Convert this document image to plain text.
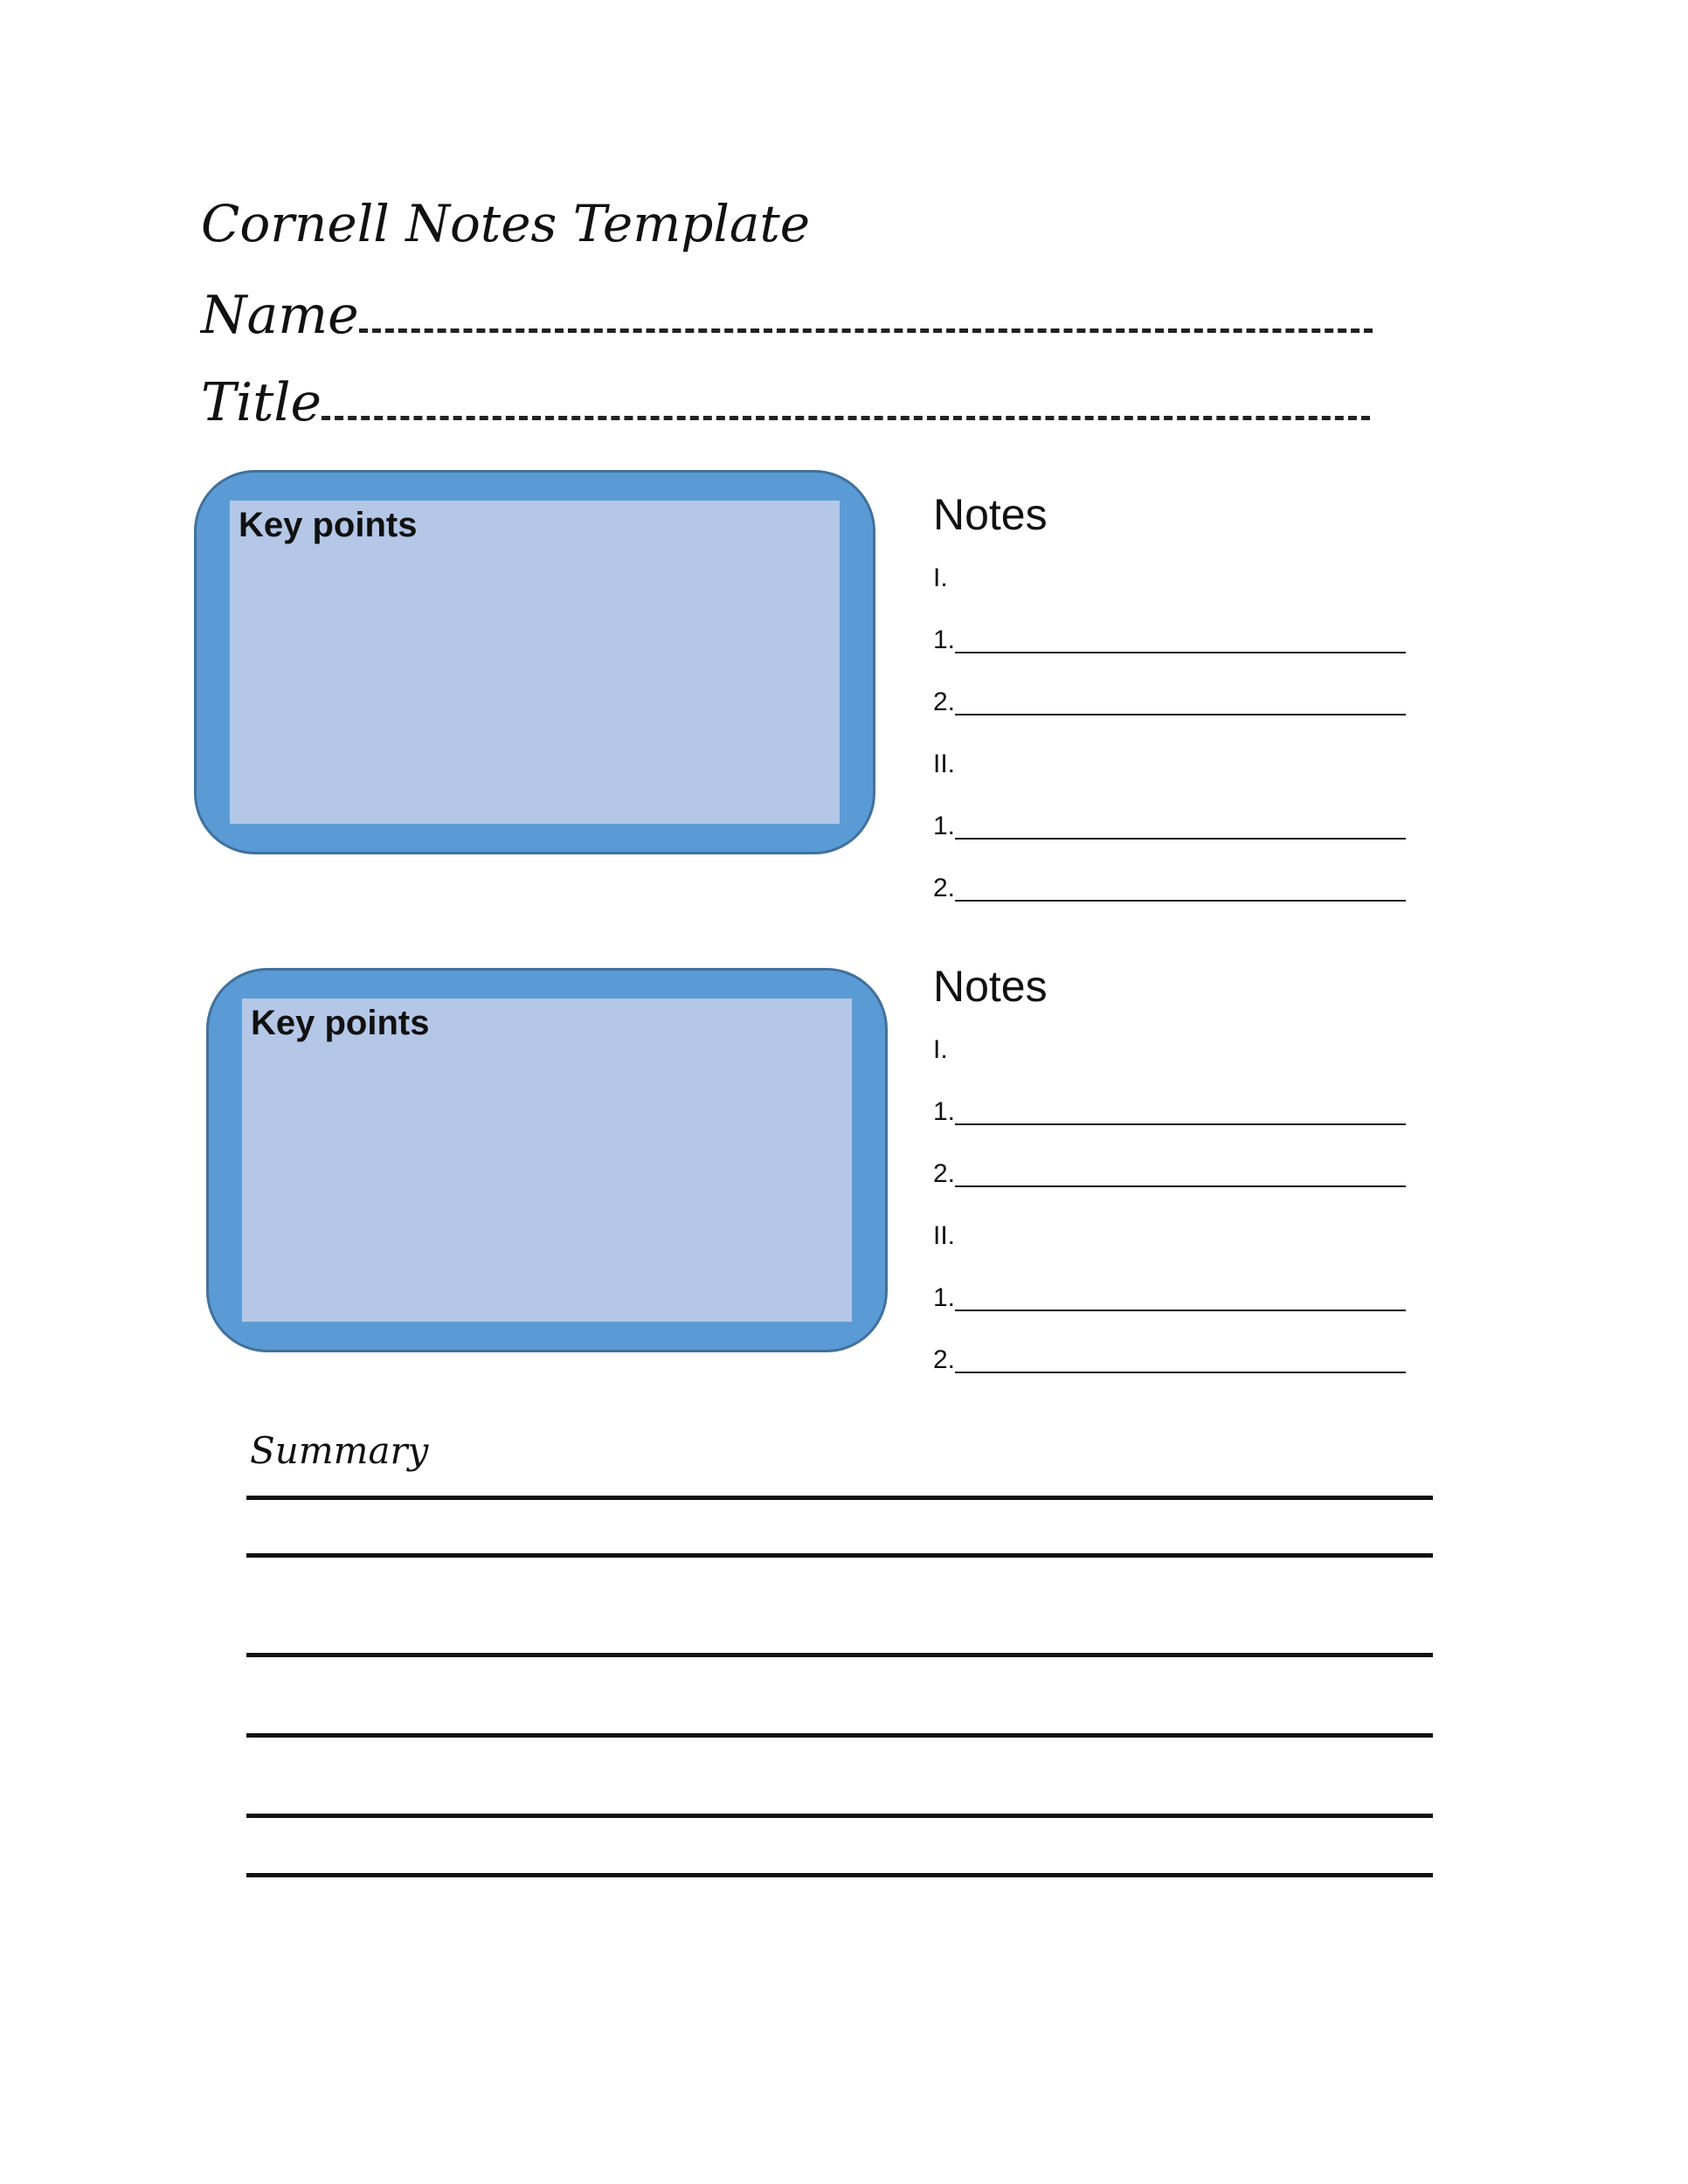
Cornell Notes Template
Name
Title
Key points	Notes
I.
1.
2.
II.
1.
2.
Key points
Notes
I.
1.
2.
II.
1.
2.
Summary
